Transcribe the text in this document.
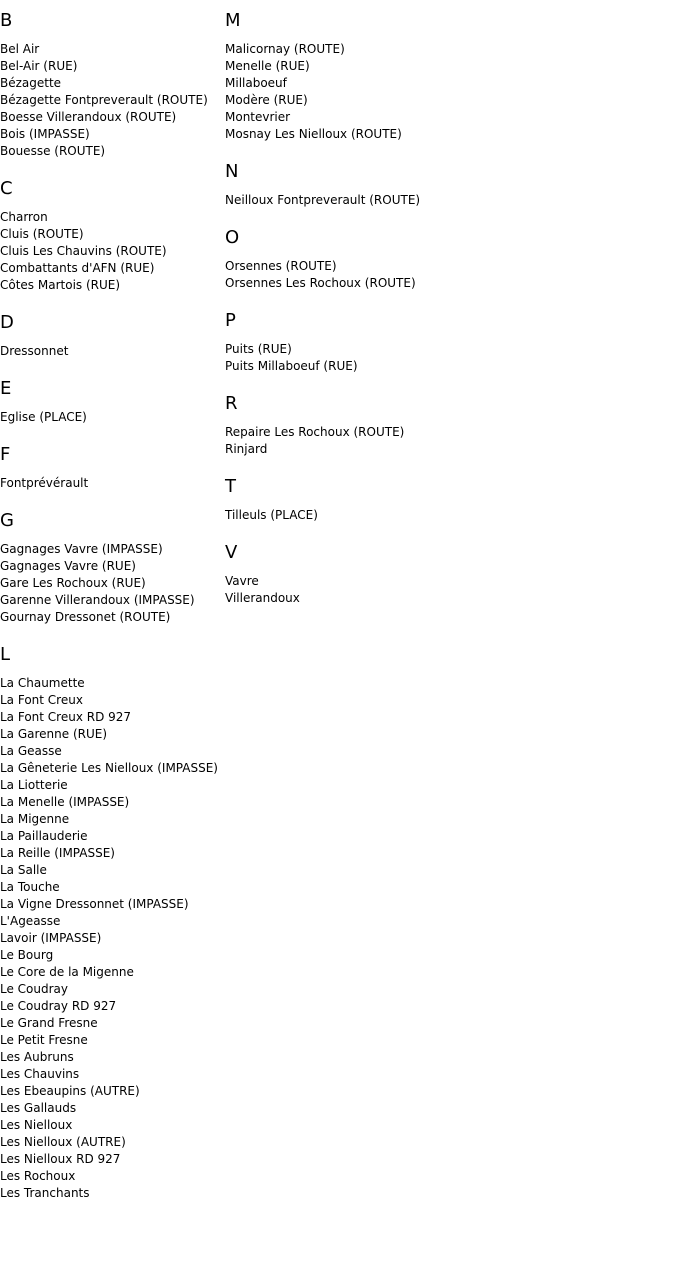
B
Bel Air
Bel-Air (RUE)
Bézagette
Bézagette Fontpreverault (ROUTE)
Boesse Villerandoux (ROUTE)
Bois (IMPASSE)
Bouesse (ROUTE)
C
Charron
Cluis (ROUTE)
Cluis Les Chauvins (ROUTE)
Combattants d'AFN (RUE)
Côtes Martois (RUE)
D
Dressonnet
E
Eglise (PLACE)
F
Fontprévérault
G
Gagnages Vavre (IMPASSE)
Gagnages Vavre (RUE)
Gare Les Rochoux (RUE)
Garenne Villerandoux (IMPASSE)
Gournay Dressonet (ROUTE)
L
La Chaumette
La Font Creux
La Font Creux RD 927
La Garenne (RUE)
La Geasse
La Gêneterie Les Nielloux (IMPASSE)
La Liotterie
La Menelle (IMPASSE)
La Migenne
La Paillauderie
La Reille (IMPASSE)
La Salle
La Touche
La Vigne Dressonnet (IMPASSE)
L'Ageasse
Lavoir (IMPASSE)
Le Bourg
Le Core de la Migenne
Le Coudray
Le Coudray RD 927
Le Grand Fresne
Le Petit Fresne
Les Aubruns
Les Chauvins
Les Ebeaupins (AUTRE)
Les Gallauds
Les Nielloux
Les Nielloux (AUTRE)
Les Nielloux RD 927
Les Rochoux
Les Tranchants
M
Malicornay (ROUTE)
Menelle (RUE)
Millaboeuf
Modère (RUE)
Montevrier
Mosnay Les Nielloux (ROUTE)
N
Neilloux Fontpreverault (ROUTE)
O
Orsennes (ROUTE)
Orsennes Les Rochoux (ROUTE)
P
Puits (RUE)
Puits Millaboeuf (RUE)
R
Repaire Les Rochoux (ROUTE)
Rinjard
T
Tilleuls (PLACE)
V
Vavre
Villerandoux
